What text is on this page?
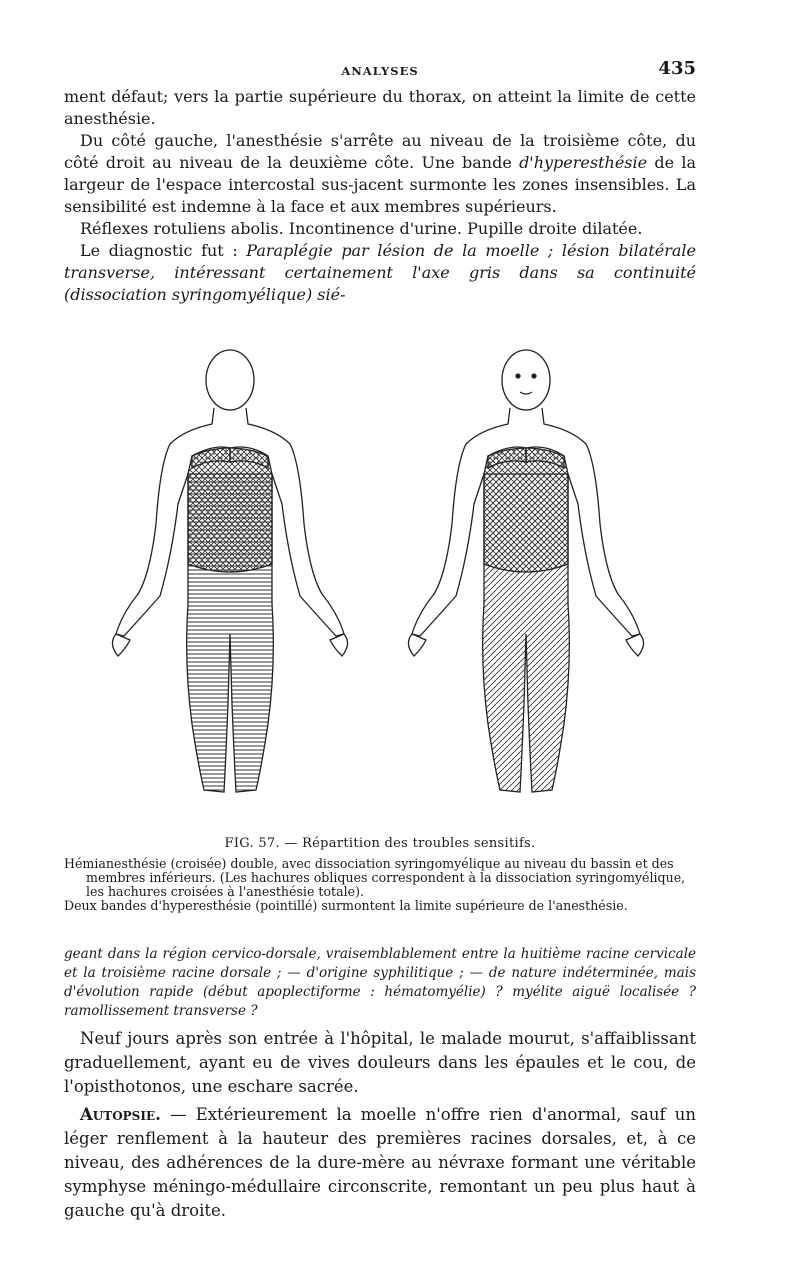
ANALYSES	435

ment défaut; vers la partie supérieure du thorax, on atteint la limite de cette anesthésie.

Du côté gauche, l'anesthésie s'arrête au niveau de la troisième côte, du côté droit au niveau de la deuxième côte. Une bande d'hyperesthésie de la largeur de l'espace intercostal sus-jacent surmonte les zones insensibles. La sensibilité est indemne à la face et aux membres supérieurs.

Réflexes rotuliens abolis. Incontinence d'urine. Pupille droite dilatée.

Le diagnostic fut : Paraplégie par lésion de la moelle ; lésion bilatérale transverse, intéressant certainement l'axe gris dans sa continuité (dissociation syringomyélique) sié-

FIG. 57. — Répartition des troubles sensitifs.
Hémianesthésie (croisée) double, avec dissociation syringomyélique au niveau du bassin et des membres inférieurs. (Les hachures obliques correspondent à la dissociation syringomyélique, les hachures croisées à l'anesthésie totale).
Deux bandes d'hyperesthésie (pointillé) surmontent la limite supérieure de l'anesthésie.

geant dans la région cervico-dorsale, vraisemblablement entre la huitième racine cervicale et la troisième racine dorsale ; — d'origine syphilitique ; — de nature indéterminée, mais d'évolution rapide (début apoplectiforme : hématomyélie) ? myélite aiguë localisée ? ramollissement transverse ?

Neuf jours après son entrée à l'hôpital, le malade mourut, s'affaiblissant graduellement, ayant eu de vives douleurs dans les épaules et le cou, de l'opisthotonos, une eschare sacrée.

Autopsie. — Extérieurement la moelle n'offre rien d'anormal, sauf un léger renflement à la hauteur des premières racines dorsales, et, à ce niveau, des adhérences de la dure-mère au névraxe formant une véritable symphyse méningo-médullaire circonscrite, remontant un peu plus haut à gauche qu'à droite.
